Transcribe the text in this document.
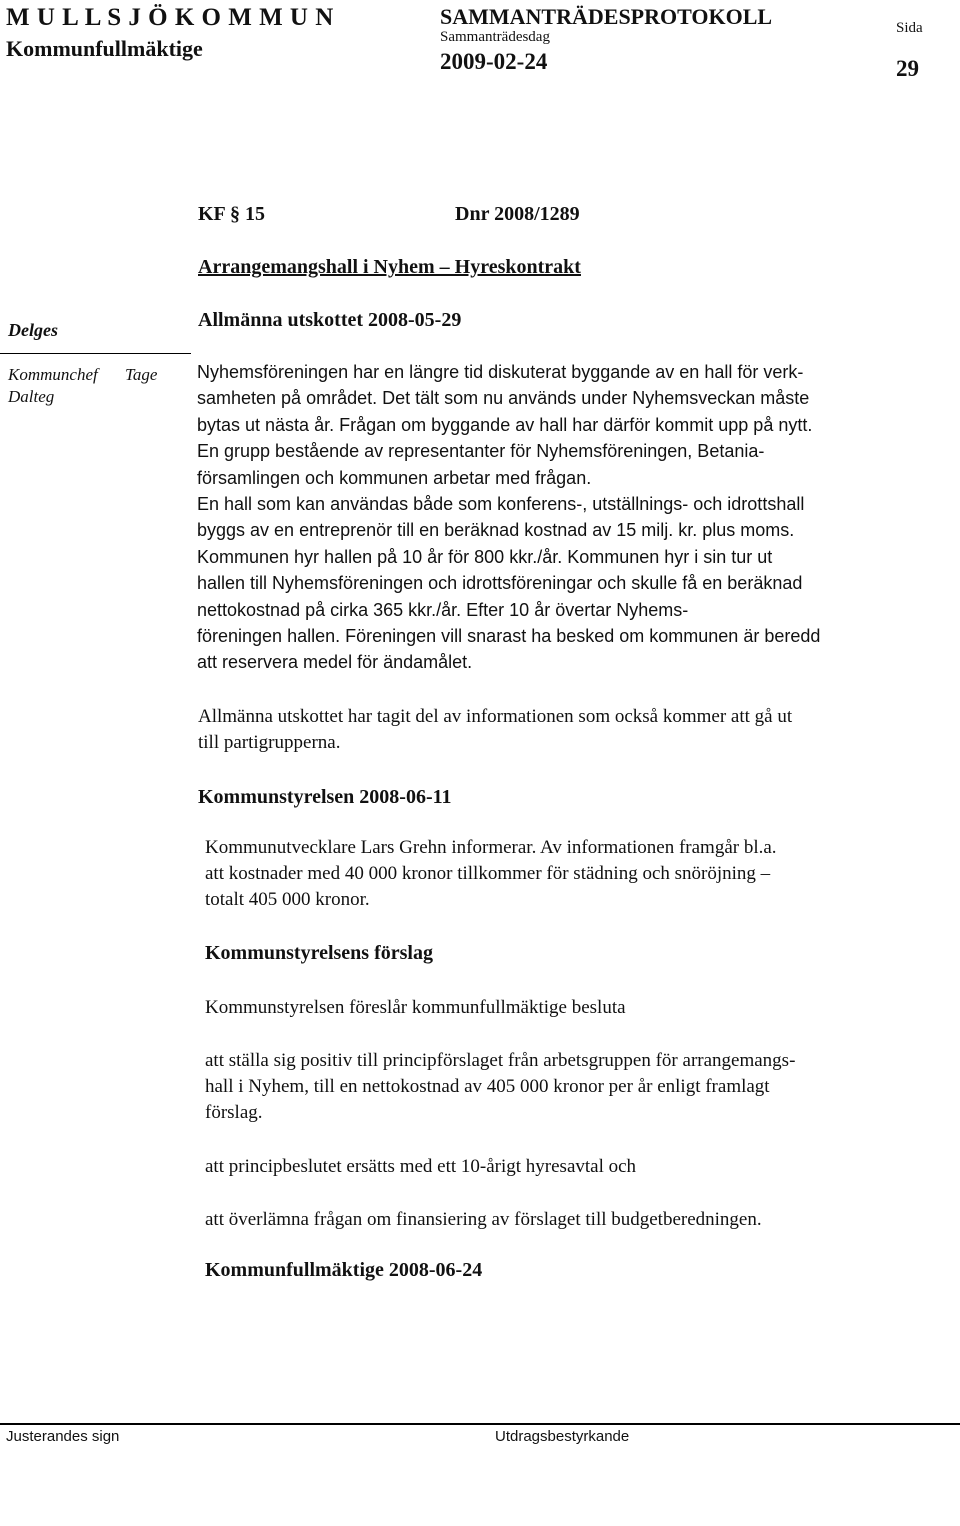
M U L L S J Ö K O M M U N
Kommunfullmäktige
SAMMANTRÄDESPROTOKOLL
Sammanträdesdag
2009-02-24
Sida
29
KF § 15	Dnr 2008/1289
Arrangemangshall i Nyhem – Hyreskontrakt
Delges
Kommunchef Tage
Dalteg
Allmänna utskottet 2008-05-29
Nyhemsföreningen har en längre tid diskuterat byggande av en hall för verk-
samheten på området. Det tält som nu används under Nyhemsveckan måste
bytas ut nästa år. Frågan om byggande av hall har därför kommit upp på nytt.
En grupp bestående av representanter för Nyhemsföreningen, Betania-
församlingen och kommunen arbetar med frågan.
En hall som kan användas både som konferens-, utställnings- och idrottshall
byggs av en entreprenör till en beräknad kostnad av 15 milj. kr. plus moms.
Kommunen hyr hallen på 10 år för 800 kkr./år. Kommunen hyr i sin tur ut
hallen till Nyhemsföreningen och idrottsföreningar och skulle få en beräknad
nettokostnad på cirka 365 kkr./år. Efter 10 år övertar Nyhems-
föreningen hallen. Föreningen vill snarast ha besked om kommunen är beredd
att reservera medel för ändamålet.
Allmänna utskottet har tagit del av informationen som också kommer att gå ut
till partigrupperna.
Kommunstyrelsen 2008-06-11
Kommunutvecklare Lars Grehn informerar. Av informationen framgår bl.a.
att kostnader med 40 000 kronor tillkommer för städning och snöröjning –
totalt 405 000 kronor.
Kommunstyrelsens förslag
Kommunstyrelsen föreslår kommunfullmäktige besluta
att ställa sig positiv till principförslaget från arbetsgruppen för arrangemangs-
hall i Nyhem, till en nettokostnad av 405 000 kronor per år enligt framlagt
förslag.
att principbeslutet ersätts med ett 10-årigt hyresavtal och
att överlämna frågan om finansiering av förslaget till budgetberedningen.
Kommunfullmäktige 2008-06-24
Justerandes sign	Utdragsbestyrkande
